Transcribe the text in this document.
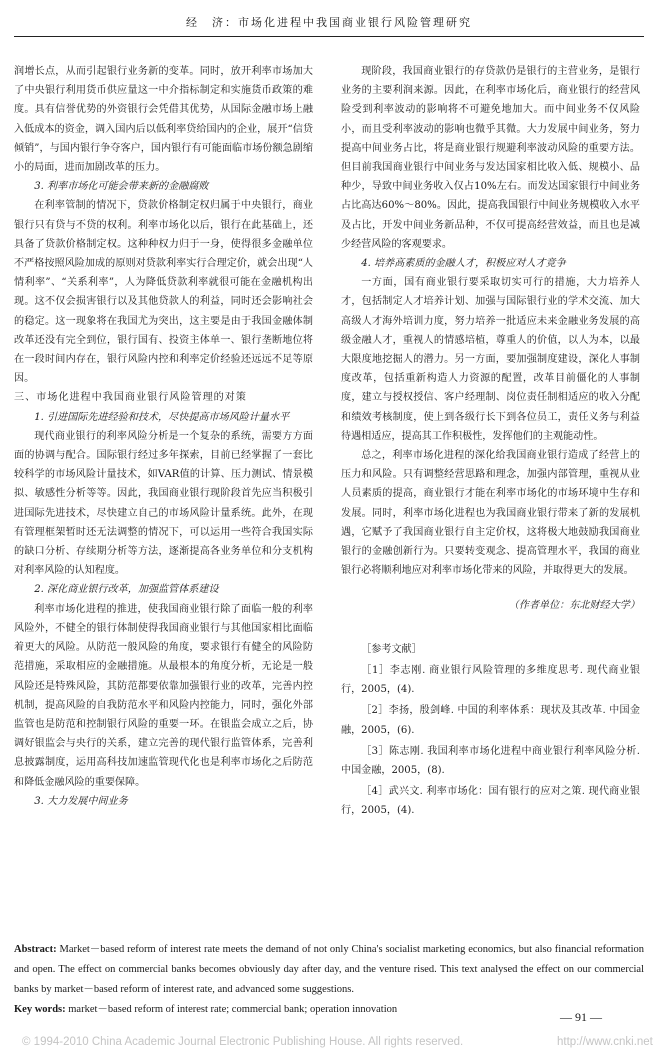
经　济：市场化进程中我国商业银行风险管理研究

润增长点，从而引起银行业务新的变革。同时，放开利率市场加大了中央银行利用货币供应量这一中介指标制定和实施货币政策的难度。具有信誉优势的外资银行会凭借其优势，从国际金融市场上融入低成本的资金，调入国内后以低利率贷给国内的企业，展开“信贷倾销”，与国内银行争夺客户，国内银行有可能面临市场份额急剧缩小的局面，进而加剧改革的压力。

3. 利率市场化可能会带来新的金融腐败

在利率管制的情况下，贷款价格制定权归属于中央银行，商业银行只有贷与不贷的权利。利率市场化以后，银行在此基础上，还具备了贷款价格制定权。这种种权力归于一身，使得很多金融单位不严格按照风险加成的原则对贷款利率实行合理定价，就会出现“人情利率”、“关系利率”，人为降低贷款利率就很可能在金融机构出现。这不仅会损害银行以及其他贷款人的利益，同时还会影响社会的稳定。这一现象将在我国尤为突出，这主要是由于我国金融体制改革还没有完全到位，银行国有、投资主体单一、银行垄断地位将在一段时间内存在，银行风险内控和利率定价经验还远远不足等原因。

三、市场化进程中我国商业银行风险管理的对策

1. 引进国际先进经验和技术，尽快提高市场风险计量水平

现代商业银行的利率风险分析是一个复杂的系统，需要方方面面的协调与配合。国际银行经过多年探索，目前已经掌握了一套比较科学的市场风险计量技术，如VAR值的计算、压力测试、情景模拟、敏感性分析等等。因此，我国商业银行现阶段首先应当积极引进国际先进技术，尽快建立自己的市场风险计量系统。此外，在现有管理框架暂时还无法调整的情况下，可以运用一些符合我国实际的缺口分析、存续期分析等方法，逐渐提高各业务单位和分支机构对利率风险的认知程度。

2. 深化商业银行改革，加强监管体系建设

利率市场化进程的推进，使我国商业银行除了面临一般的利率风险外，不健全的银行体制使得我国商业银行与其他国家相比面临着更大的风险。从防范一般风险的角度，要求银行有健全的风险防范措施，采取相应的金融措施。从最根本的角度分析，无论是一般风险还是特殊风险，其防范都要依靠加强银行业的改革，完善内控机制，提高风险的自我防范水平和风险内控能力，同时，强化外部监管也是防范和控制银行风险的重要一环。在银监会成立之后，协调好银监会与央行的关系，建立完善的现代银行监管体系，完善利息披露制度，运用高科技加速监管现代化也是利率市场化之后防范和降低金融风险的重要保障。

3. 大力发展中间业务

现阶段，我国商业银行的存贷款仍是银行的主营业务，是银行业务的主要利润来源。因此，在利率市场化后，商业银行的经营风险受到利率波动的影响将不可避免地加大。而中间业务不仅风险小，而且受利率波动的影响也微乎其微。大力发展中间业务，努力提高中间业务占比，将是商业银行规避利率波动风险的重要方法。但目前我国商业银行中间业务与发达国家相比收入低、规模小、品种少，导致中间业务收入仅占10%左右。而发达国家银行中间业务占比高达60%～80%。因此，提高我国银行中间业务规模收入水平及占比，开发中间业务新品种，不仅可提高经营效益，而且也是减少经营风险的客观要求。

4. 培养高素质的金融人才，积极应对人才竞争

一方面，国有商业银行要采取切实可行的措施，大力培养人才，包括制定人才培养计划、加强与国际银行业的学术交流、加大高级人才海外培训力度，努力培养一批适应未来金融业务发展的高级金融人才，重视人的情感培植，尊重人的价值，以人为本，以最大限度地挖掘人的潜力。另一方面，要加强制度建设，深化人事制度改革，包括重新构造人力资源的配置，改革目前僵化的人事制度，建立与授权授信、客户经理制、岗位责任制相适应的收入分配和绩效考核制度，使上到各级行长下到各位员工，责任义务与利益待遇相适应，提高其工作积极性，发挥他们的主观能动性。

总之，利率市场化进程的深化给我国商业银行造成了经营上的压力和风险。只有调整经营思路和理念，加强内部管理，重视从业人员素质的提高，商业银行才能在利率市场化的市场环境中生存和发展。同时，利率市场化进程也为我国商业银行带来了新的发展机遇，它赋予了我国商业银行自主定价权，这将极大地鼓励我国商业银行的金融创新行为。只要转变观念、提高管理水平，我国的商业银行必将顺利地应对利率市场化带来的风险，并取得更大的发展。

（作者单位：东北财经大学）

［参考文献］

［1］李志刚. 商业银行风险管理的多维度思考. 现代商业银行，2005，(4).

［2］李扬，殷剑峰. 中国的利率体系：现状及其改革. 中国金融，2005，(6).

［3］陈志刚. 我国利率市场化进程中商业银行利率风险分析. 中国金融，2005，(8).

［4］武兴文. 利率市场化：国有银行的应对之策. 现代商业银行，2005，(4).

Abstract: Market－based reform of interest rate meets the demand of not only China's socialist marketing economics, but also financial reformation and open. The effect on commercial banks becomes obviously day after day, and the venture rised. This text analysed the effect on our commercial banks by market－based reform of interest rate, and advanced some suggestions.
Key words: market－based reform of interest rate; commercial bank; operation innovation
— 91 —
© 1994-2010 China Academic Journal Electronic Publishing House. All rights reserved.	http://www.cnki.net
